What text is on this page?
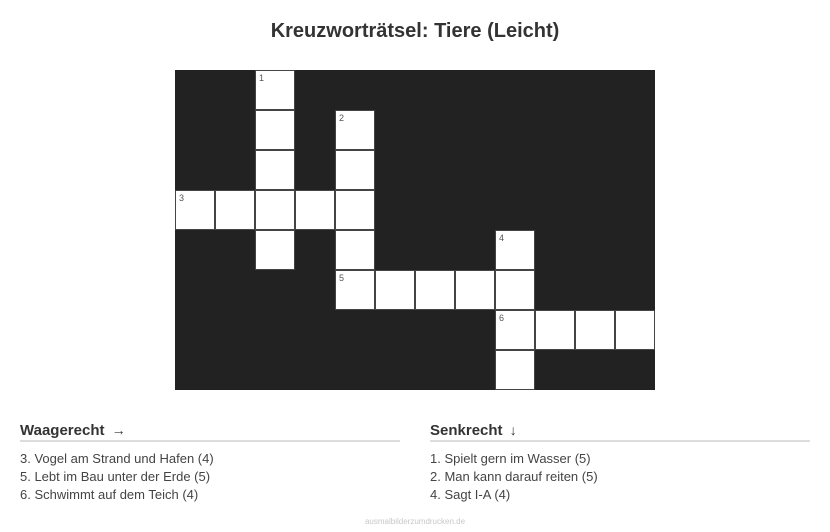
Kreuzworträtsel: Tiere (Leicht)
1
2
5
3
4
6
Waagerecht →
3. Vogel am Strand und Hafen (4)
5. Lebt im Bau unter der Erde (5)
6. Schwimmt auf dem Teich (4)
Senkrecht ↓
1. Spielt gern im Wasser (5)
2. Man kann darauf reiten (5)
4. Sagt I-A (4)
ausmalbilderzumdrucken.de
